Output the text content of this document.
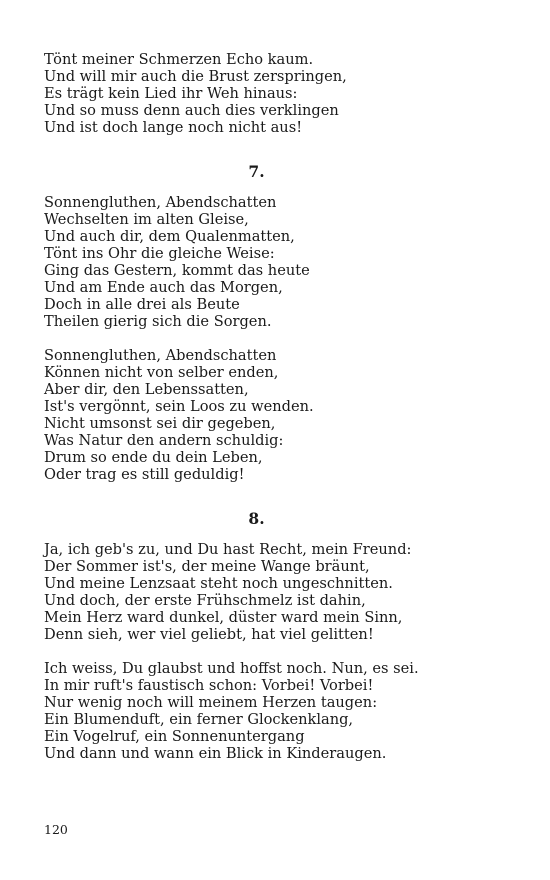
Tönt meiner Schmerzen Echo kaum.
Und will mir auch die Brust zerspringen,
Es trägt kein Lied ihr Weh hinaus:
Und so muss denn auch dies verklingen
Und ist doch lange noch nicht aus!
7.
Sonnengluthen, Abendschatten
Wechselten im alten Gleise,
Und auch dir, dem Qualenmatten,
Tönt ins Ohr die gleiche Weise:
Ging das Gestern, kommt das heute
Und am Ende auch das Morgen,
Doch in alle drei als Beute
Theilen gierig sich die Sorgen.
Sonnengluthen, Abendschatten
Können nicht von selber enden,
Aber dir, den Lebenssatten,
Ist's vergönnt, sein Loos zu wenden.
Nicht umsonst sei dir gegeben,
Was Natur den andern schuldig:
Drum so ende du dein Leben,
Oder trag es still geduldig!
8.
Ja, ich geb's zu, und Du hast Recht, mein Freund:
Der Sommer ist's, der meine Wange bräunt,
Und meine Lenzsaat steht noch ungeschnitten.
Und doch, der erste Frühschmelz ist dahin,
Mein Herz ward dunkel, düster ward mein Sinn,
Denn sieh, wer viel geliebt, hat viel gelitten!
Ich weiss, Du glaubst und hoffst noch. Nun, es sei.
In mir ruft's faustisch schon: Vorbei! Vorbei!
Nur wenig noch will meinem Herzen taugen:
Ein Blumenduft, ein ferner Glockenklang,
Ein Vogelruf, ein Sonnenuntergang
Und dann und wann ein Blick in Kinderaugen.
120
